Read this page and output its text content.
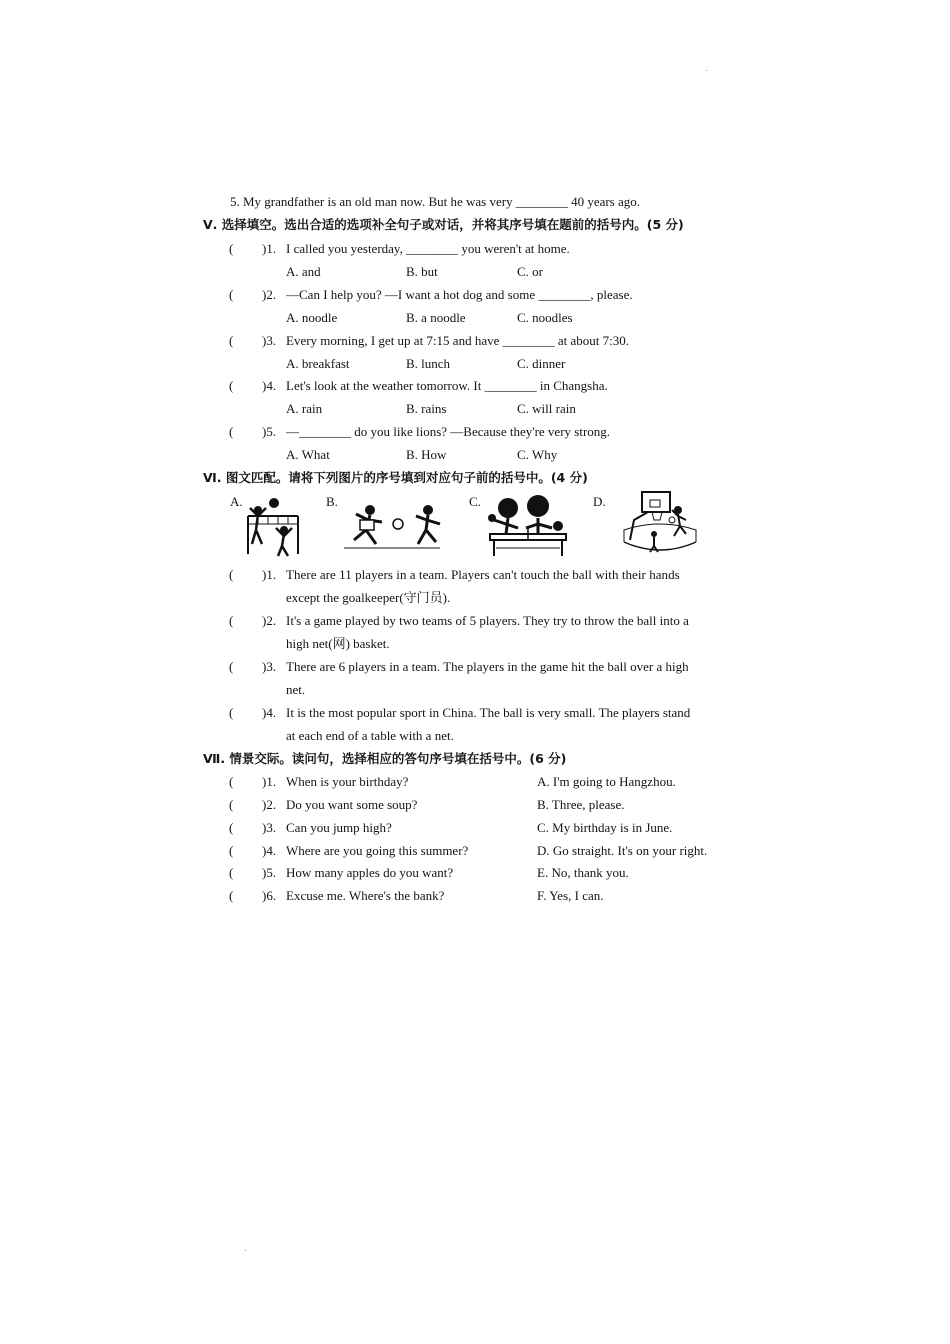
5. My grandfather is an old man now. But he was very ________ 40 years ago.
Ⅴ. 选择填空。选出合适的选项补全句子或对话，并将其序号填在题前的括号内。(5 分)
( )1. I called you yesterday, ________ you weren't at home.
A. and	B. but	C. or
( )2. —Can I help you? —I want a hot dog and some ________, please.
A. noodle	B. a noodle	C. noodles
( )3. Every morning, I get up at 7:15 and have ________ at about 7:30.
A. breakfast	B. lunch	C. dinner
( )4. Let's look at the weather tomorrow. It ________ in Changsha.
A. rain	B. rains	C. will rain
( )5. —________ do you like lions? —Because they're very strong.
A. What	B. How	C. Why
Ⅵ. 图文匹配。请将下列图片的序号填到对应句子前的括号中。(4 分)
A.	B.	C.	D.
( )1. There are 11 players in a team. Players can't touch the ball with their hands
except the goalkeeper(守门员).
( )2. It's a game played by two teams of 5 players. They try to throw the ball into a
high net(网) basket.
( )3. There are 6 players in a team. The players in the game hit the ball over a high
net.
( )4. It is the most popular sport in China. The ball is very small. The players stand
at each end of a table with a net.
Ⅶ. 情景交际。读问句，选择相应的答句序号填在括号中。(6 分)
( )1. When is your birthday?	A. I'm going to Hangzhou.
( )2. Do you want some soup?	B. Three, please.
( )3. Can you jump high?	C. My birthday is in June.
( )4. Where are you going this summer?	D. Go straight. It's on your right.
( )5. How many apples do you want?	E. No, thank you.
( )6. Excuse me. Where's the bank?	F. Yes, I can.
